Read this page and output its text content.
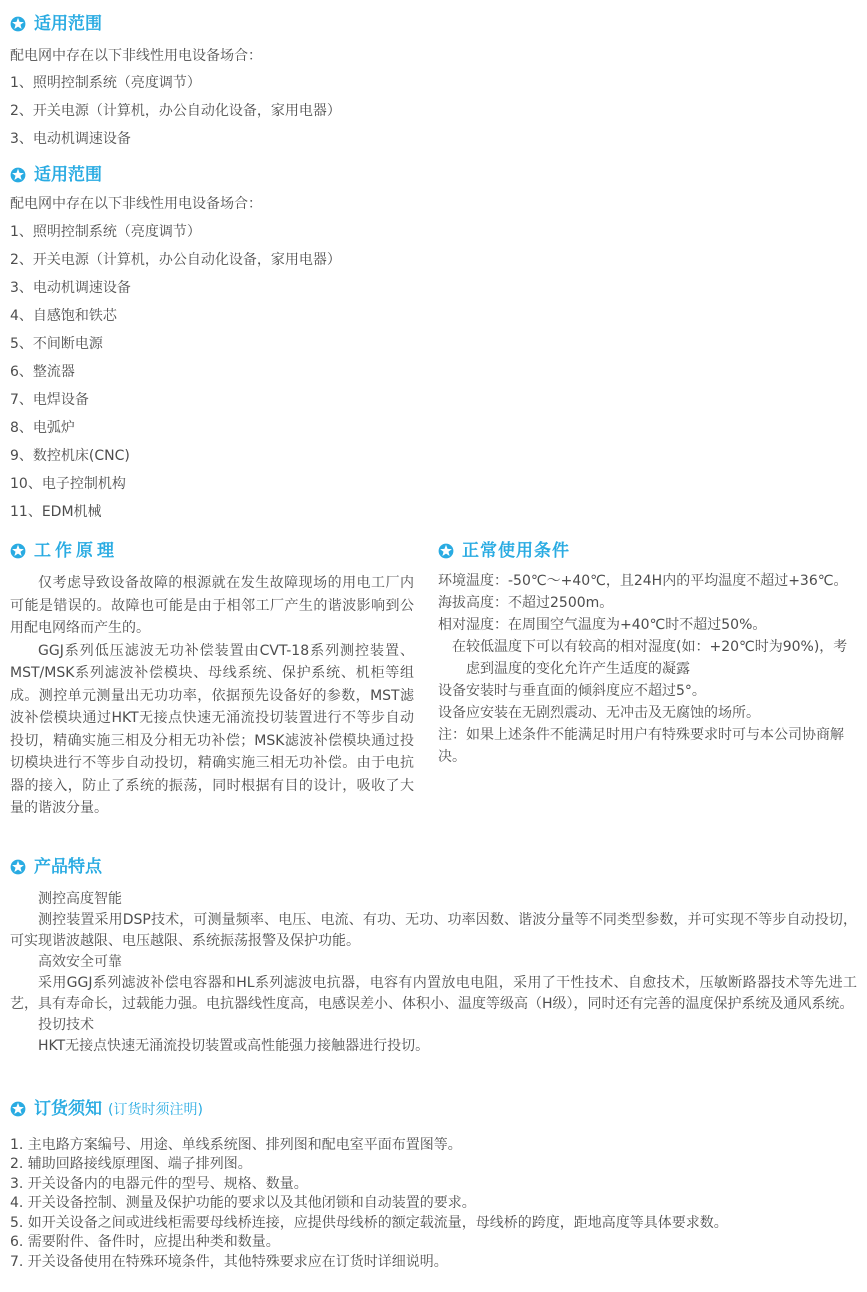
适用范围

配电网中存在以下非线性用电设备场合：

1、照明控制系统（亮度调节）

2、开关电源（计算机，办公自动化设备，家用电器）

3、电动机调速设备

适用范围

配电网中存在以下非线性用电设备场合：

1、照明控制系统（亮度调节）

2、开关电源（计算机，办公自动化设备，家用电器）

3、电动机调速设备

4、自感饱和铁芯

5、不间断电源

6、整流器

7、电焊设备

8、电弧炉

9、数控机床(CNC)

10、电子控制机构

11、EDM机械

工作原理

仅考虑导致设备故障的根源就在发生故障现场的用电工厂内可能是错误的。故障也可能是由于相邻工厂产生的谐波影响到公用配电网络而产生的。

GGJ系列低压滤波无功补偿装置由CVT-18系列测控装置、MST/MSK系列滤波补偿模块、母线系统、保护系统、机柜等组成。测控单元测量出无功功率，依据预先设备好的参数，MST滤波补偿模块通过HKT无接点快速无涌流投切装置进行不等步自动投切，精确实施三相及分相无功补偿；MSK滤波补偿模块通过投切模块进行不等步自动投切，精确实施三相无功补偿。由于电抗器的接入，防止了系统的振荡，同时根据有目的设计，吸收了大量的谐波分量。

正常使用条件

环境温度：-50℃～+40℃，且24H内的平均温度不超过+36℃。

海拔高度：不超过2500m。

相对湿度：在周围空气温度为+40℃时不超过50%。

在较低温度下可以有较高的相对湿度(如：+20℃时为90%)，考虑到温度的变化允许产生适度的凝露

设备安装时与垂直面的倾斜度应不超过5°。

设备应安装在无剧烈震动、无冲击及无腐蚀的场所。

注：如果上述条件不能满足时用户有特殊要求时可与本公司协商解决。

产品特点

测控高度智能

测控装置采用DSP技术，可测量频率、电压、电流、有功、无功、功率因数、谐波分量等不同类型参数，并可实现不等步自动投切，可实现谐波越限、电压越限、系统振荡报警及保护功能。

高效安全可靠

采用GGJ系列滤波补偿电容器和HL系列滤波电抗器，电容有内置放电电阻，采用了干性技术、自愈技术，压敏断路器技术等先进工艺，具有寿命长，过载能力强。电抗器线性度高，电感误差小、体积小、温度等级高（H级），同时还有完善的温度保护系统及通风系统。

投切技术

HKT无接点快速无涌流投切装置或高性能强力接触器进行投切。

订货须知 (订货时须注明)

1. 主电路方案编号、用途、单线系统图、排列图和配电室平面布置图等。

2. 辅助回路接线原理图、端子排列图。

3. 开关设备内的电器元件的型号、规格、数量。

4. 开关设备控制、测量及保护功能的要求以及其他闭锁和自动装置的要求。

5. 如开关设备之间或进线柜需要母线桥连接，应提供母线桥的额定载流量，母线桥的跨度，距地高度等具体要求数。

6. 需要附件、备件时，应提出种类和数量。

7. 开关设备使用在特殊环境条件，其他特殊要求应在订货时详细说明。
